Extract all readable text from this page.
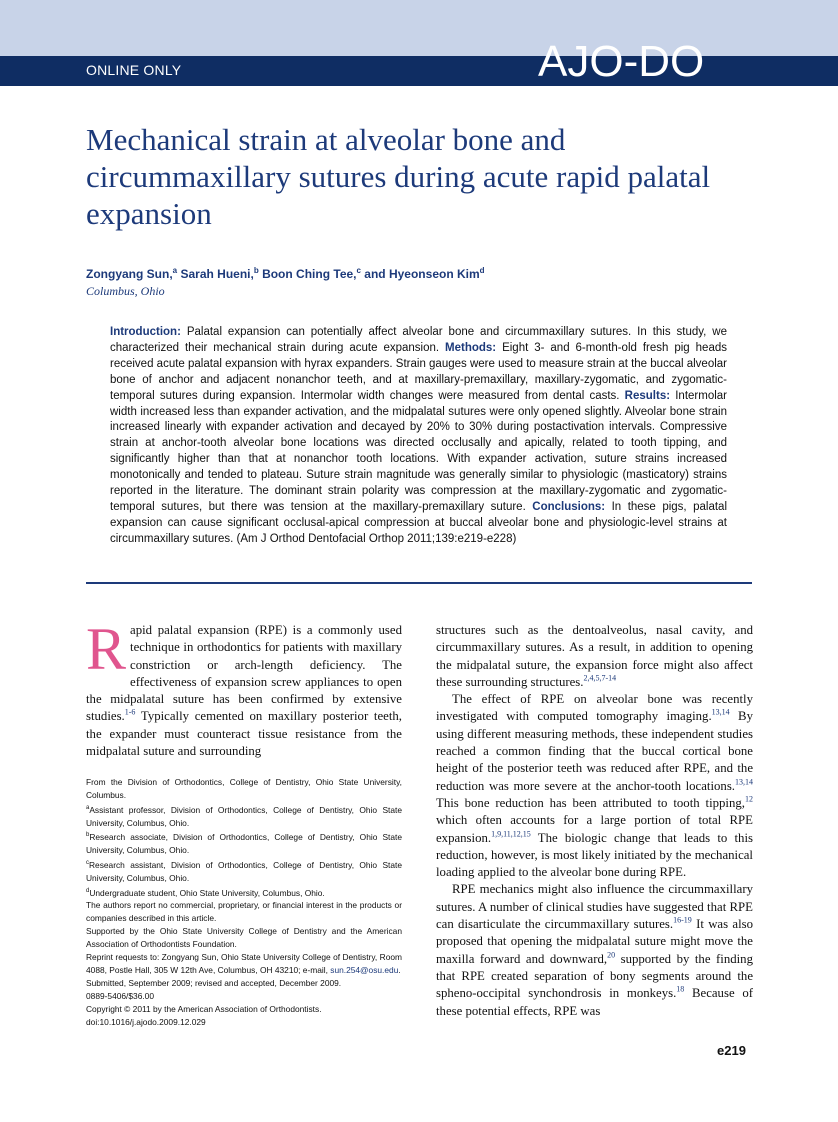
ONLINE ONLY	AJO-DO
Mechanical strain at alveolar bone and circummaxillary sutures during acute rapid palatal expansion
Zongyang Sun,$^a$ Sarah Hueni,$^b$ Boon Ching Tee,$^c$ and Hyeonseon Kim$^d$
Columbus, Ohio
Introduction: Palatal expansion can potentially affect alveolar bone and circummaxillary sutures. In this study, we characterized their mechanical strain during acute expansion. Methods: Eight 3- and 6-month-old fresh pig heads received acute palatal expansion with hyrax expanders. Strain gauges were used to measure strain at the buccal alveolar bone of anchor and adjacent nonanchor teeth, and at maxillary-premaxillary, maxillary-zygomatic, and zygomatic-temporal sutures during expansion. Intermolar width changes were measured from dental casts. Results: Intermolar width increased less than expander activation, and the midpalatal sutures were only opened slightly. Alveolar bone strain increased linearly with expander activation and decayed by 20% to 30% during postactivation intervals. Compressive strain at anchor-tooth alveolar bone locations was directed occlusally and apically, related to tooth tipping, and significantly higher than that at nonanchor tooth locations. With expander activation, suture strains increased monotonically and tended to plateau. Suture strain magnitude was generally similar to physiologic (masticatory) strains reported in the literature. The dominant strain polarity was compression at the maxillary-zygomatic and zygomatic-temporal sutures, but there was tension at the maxillary-premaxillary suture. Conclusions: In these pigs, palatal expansion can cause significant occlusal-apical compression at buccal alveolar bone and physiologic-level strains at circummaxillary sutures. (Am J Orthod Dentofacial Orthop 2011;139:e219-e228)

Rapid palatal expansion (RPE) is a commonly used technique in orthodontics for patients with maxillary constriction or arch-length deficiency. The effectiveness of expansion screw appliances to open the midpalatal suture has been confirmed by extensive studies.$^{1-6}$ Typically cemented on maxillary posterior teeth, the expander must counteract tissue resistance from the midpalatal suture and surrounding

From the Division of Orthodontics, College of Dentistry, Ohio State University, Columbus.
$^a$Assistant professor, Division of Orthodontics, College of Dentistry, Ohio State University, Columbus, Ohio.
$^b$Research associate, Division of Orthodontics, College of Dentistry, Ohio State University, Columbus, Ohio.
$^c$Research assistant, Division of Orthodontics, College of Dentistry, Ohio State University, Columbus, Ohio.
$^d$Undergraduate student, Ohio State University, Columbus, Ohio.
The authors report no commercial, proprietary, or financial interest in the products or companies described in this article.
Supported by the Ohio State University College of Dentistry and the American Association of Orthodontists Foundation.
Reprint requests to: Zongyang Sun, Ohio State University College of Dentistry, Room 4088, Postle Hall, 305 W 12th Ave, Columbus, OH 43210; e-mail, sun.254@osu.edu.
Submitted, September 2009; revised and accepted, December 2009.
0889-5406/$36.00
Copyright © 2011 by the American Association of Orthodontists.
doi:10.1016/j.ajodo.2009.12.029

structures such as the dentoalveolus, nasal cavity, and circummaxillary sutures. As a result, in addition to opening the midpalatal suture, the expansion force might also affect these surrounding structures.$^{2,4,5,7-14}$

The effect of RPE on alveolar bone was recently investigated with computed tomography imaging.$^{13,14}$ By using different measuring methods, these independent studies reached a common finding that the buccal cortical bone height of the posterior teeth was reduced after RPE, and the reduction was more severe at the anchor-tooth locations.$^{13,14}$ This bone reduction has been attributed to tooth tipping,$^{12}$ which often accounts for a large portion of total RPE expansion.$^{1,9,11,12,15}$ The biologic change that leads to this reduction, however, is most likely initiated by the mechanical loading applied to the alveolar bone during RPE.

RPE mechanics might also influence the circummaxillary sutures. A number of clinical studies have suggested that RPE can disarticulate the circummaxillary sutures.$^{16-19}$ It was also proposed that opening the midpalatal suture might move the maxilla forward and downward,$^{20}$ supported by the finding that RPE created separation of bony segments around the spheno-occipital synchondrosis in monkeys.$^{18}$ Because of these potential effects, RPE was

e219
